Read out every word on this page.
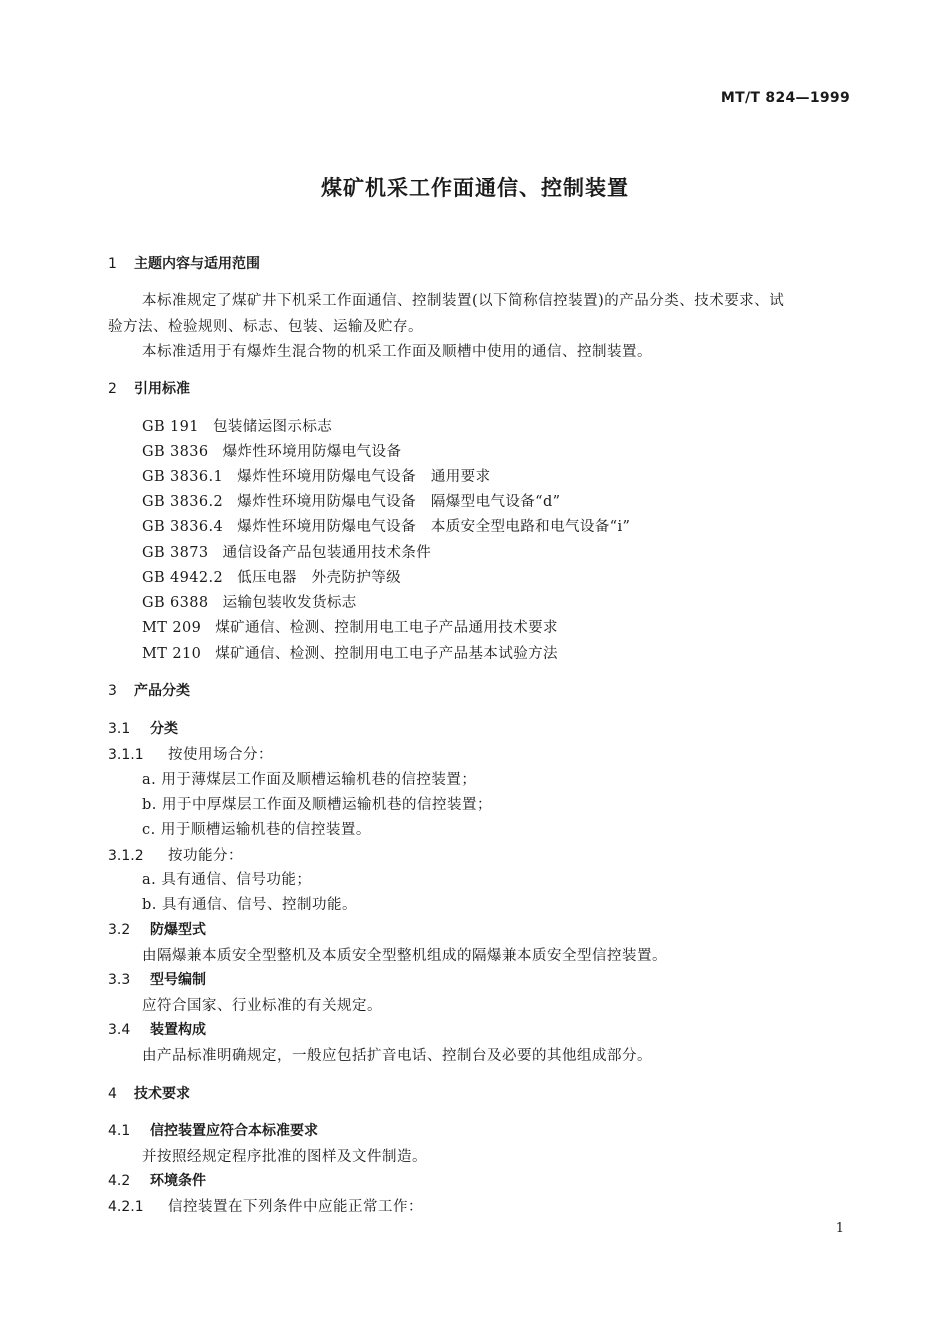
MT/T 824—1999
煤矿机采工作面通信、控制装置
1 主题内容与适用范围
本标准规定了煤矿井下机采工作面通信、控制装置(以下简称信控装置)的产品分类、技术要求、试
验方法、检验规则、标志、包装、运输及贮存。
本标准适用于有爆炸生混合物的机采工作面及顺槽中使用的通信、控制装置。
2 引用标准
GB 191 包装储运图示标志
GB 3836 爆炸性环境用防爆电气设备
GB 3836.1 爆炸性环境用防爆电气设备　通用要求
GB 3836.2 爆炸性环境用防爆电气设备　隔爆型电气设备“d”
GB 3836.4 爆炸性环境用防爆电气设备　本质安全型电路和电气设备“i”
GB 3873 通信设备产品包装通用技术条件
GB 4942.2 低压电器　外壳防护等级
GB 6388 运输包装收发货标志
MT 209 煤矿通信、检测、控制用电工电子产品通用技术要求
MT 210 煤矿通信、检测、控制用电工电子产品基本试验方法
3 产品分类
3.1 分类
3.1.1 按使用场合分：
a. 用于薄煤层工作面及顺槽运输机巷的信控装置；
b. 用于中厚煤层工作面及顺槽运输机巷的信控装置；
c. 用于顺槽运输机巷的信控装置。
3.1.2 按功能分：
a. 具有通信、信号功能；
b. 具有通信、信号、控制功能。
3.2 防爆型式
由隔爆兼本质安全型整机及本质安全型整机组成的隔爆兼本质安全型信控装置。
3.3 型号编制
应符合国家、行业标准的有关规定。
3.4 装置构成
由产品标准明确规定，一般应包括扩音电话、控制台及必要的其他组成部分。
4 技术要求
4.1 信控装置应符合本标准要求
并按照经规定程序批准的图样及文件制造。
4.2 环境条件
4.2.1 信控装置在下列条件中应能正常工作：
1
